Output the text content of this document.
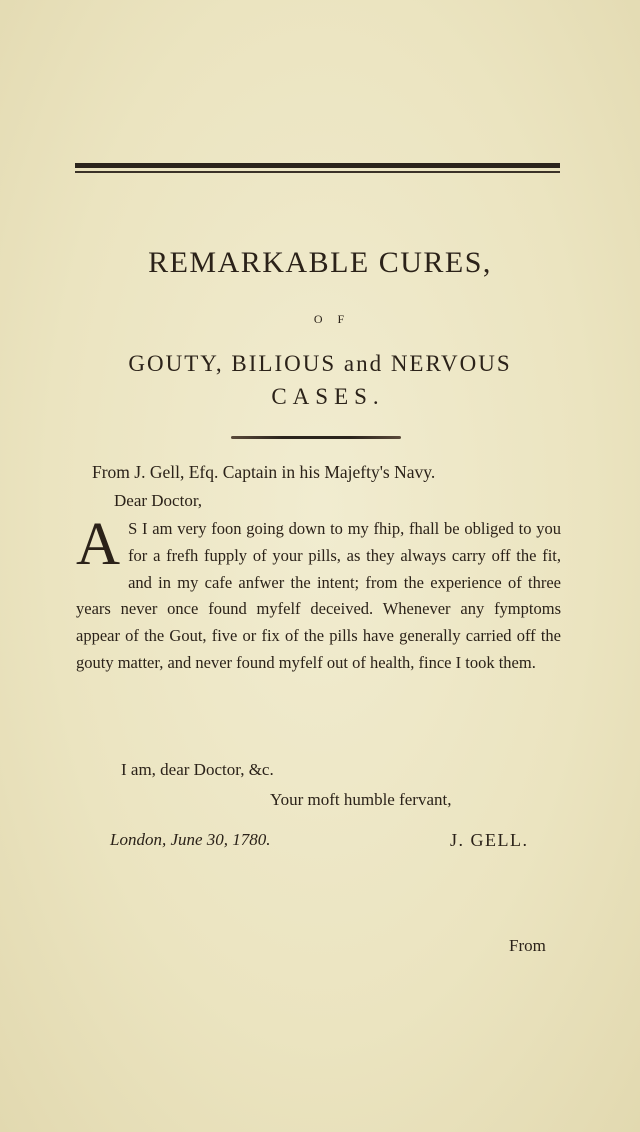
REMARKABLE CURES,
O F
GOUTY, BILIOUS and NERVOUS
CASES.
From J. Gell, Efq. Captain in his Majefty's Navy.
Dear Doctor,
A S I am very foon going down to my fhip, fhall be obliged to you for a frefh fupply of your pills, as they always carry off the fit, and in my cafe anfwer the intent; from the experience of three years never once found myfelf deceived. Whenever any fymptoms appear of the Gout, five or fix of the pills have generally carried off the gouty matter, and never found myfelf out of health, fince I took them.
I am, dear Doctor, &c.
Your moft humble fervant,
London, June 30, 1780.	J. GELL.
From
